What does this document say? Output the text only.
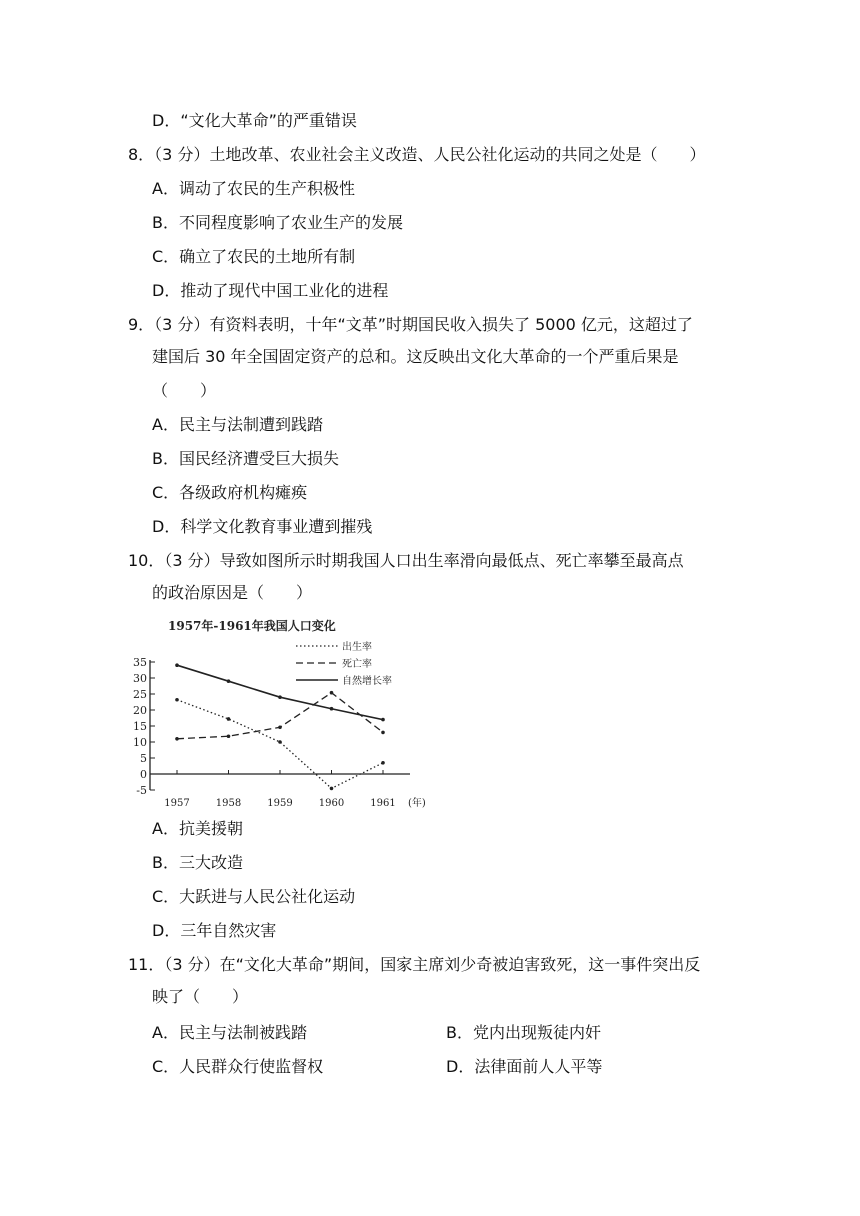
D．“文化大革命”的严重错误
8．（3 分）土地改革、农业社会主义改造、人民公社化运动的共同之处是（　　）
A．调动了农民的生产积极性
B．不同程度影响了农业生产的发展
C．确立了农民的土地所有制
D．推动了现代中国工业化的进程
9．（3 分）有资料表明，十年“文革”时期国民收入损失了 5000 亿元，这超过了
建国后 30 年全国固定资产的总和。这反映出文化大革命的一个严重后果是
（　　）
A．民主与法制遭到践踏
B．国民经济遭受巨大损失
C．各级政府机构瘫痪
D．科学文化教育事业遭到摧残
10．（3 分）导致如图所示时期我国人口出生率滑向最低点、死亡率攀至最高点
的政治原因是（　　）
1957年-1961年我国人口变化
出生率
死亡率
自然增长率
35
30
25
20
15
10
5
0
-5
1957	1958	1959	1960	1961 (年)
A．抗美援朝
B．三大改造
C．大跃进与人民公社化运动
D．三年自然灾害
11．（3 分）在“文化大革命”期间，国家主席刘少奇被迫害致死，这一事件突出反
映了（　　）
A．民主与法制被践踏	B．党内出现叛徒内奸
C．人民群众行使监督权	D．法律面前人人平等
